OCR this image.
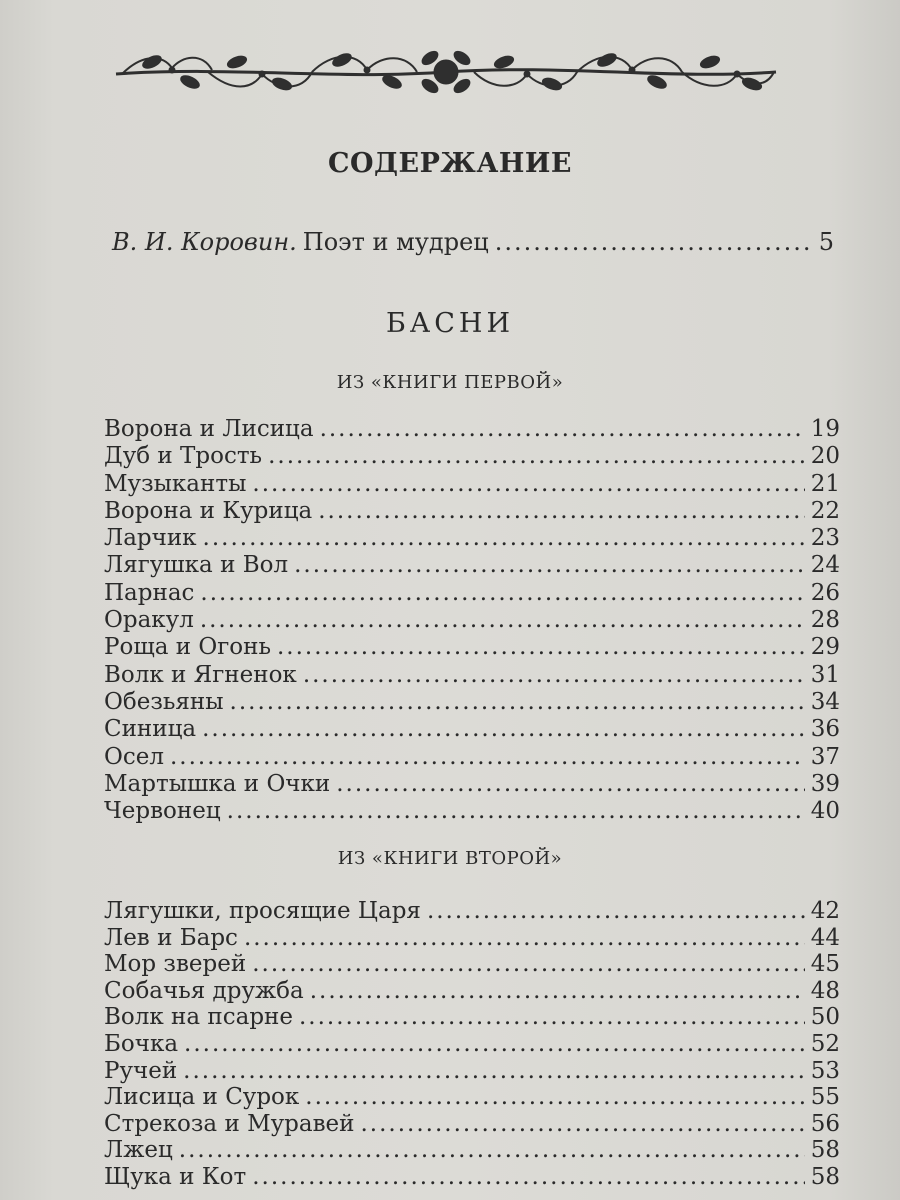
СОДЕРЖАНИЕ
В. И. Коровин. Поэт и мудрец .....	5
БАСНИ
ИЗ «КНИГИ ПЕРВОЙ»
Ворона и Лисица .....	19
Дуб и Трость .....	20
Музыканты .....	21
Ворона и Курица .....	22
Ларчик .....	23
Лягушка и Вол .....	24
Парнас .....	26
Оракул .....	28
Роща и Огонь .....	29
Волк и Ягненок .....	31
Обезьяны .....	34
Синица .....	36
Осел .....	37
Мартышка и Очки .....	39
Червонец .....	40
ИЗ «КНИГИ ВТОРОЙ»
Лягушки, просящие Царя .....	42
Лев и Барс .....	44
Мор зверей .....	45
Собачья дружба .....	48
Волк на псарне .....	50
Бочка .....	52
Ручей .....	53
Лисица и Сурок .....	55
Стрекоза и Муравей .....	56
Лжец .....	58
Щука и Кот .....	58
